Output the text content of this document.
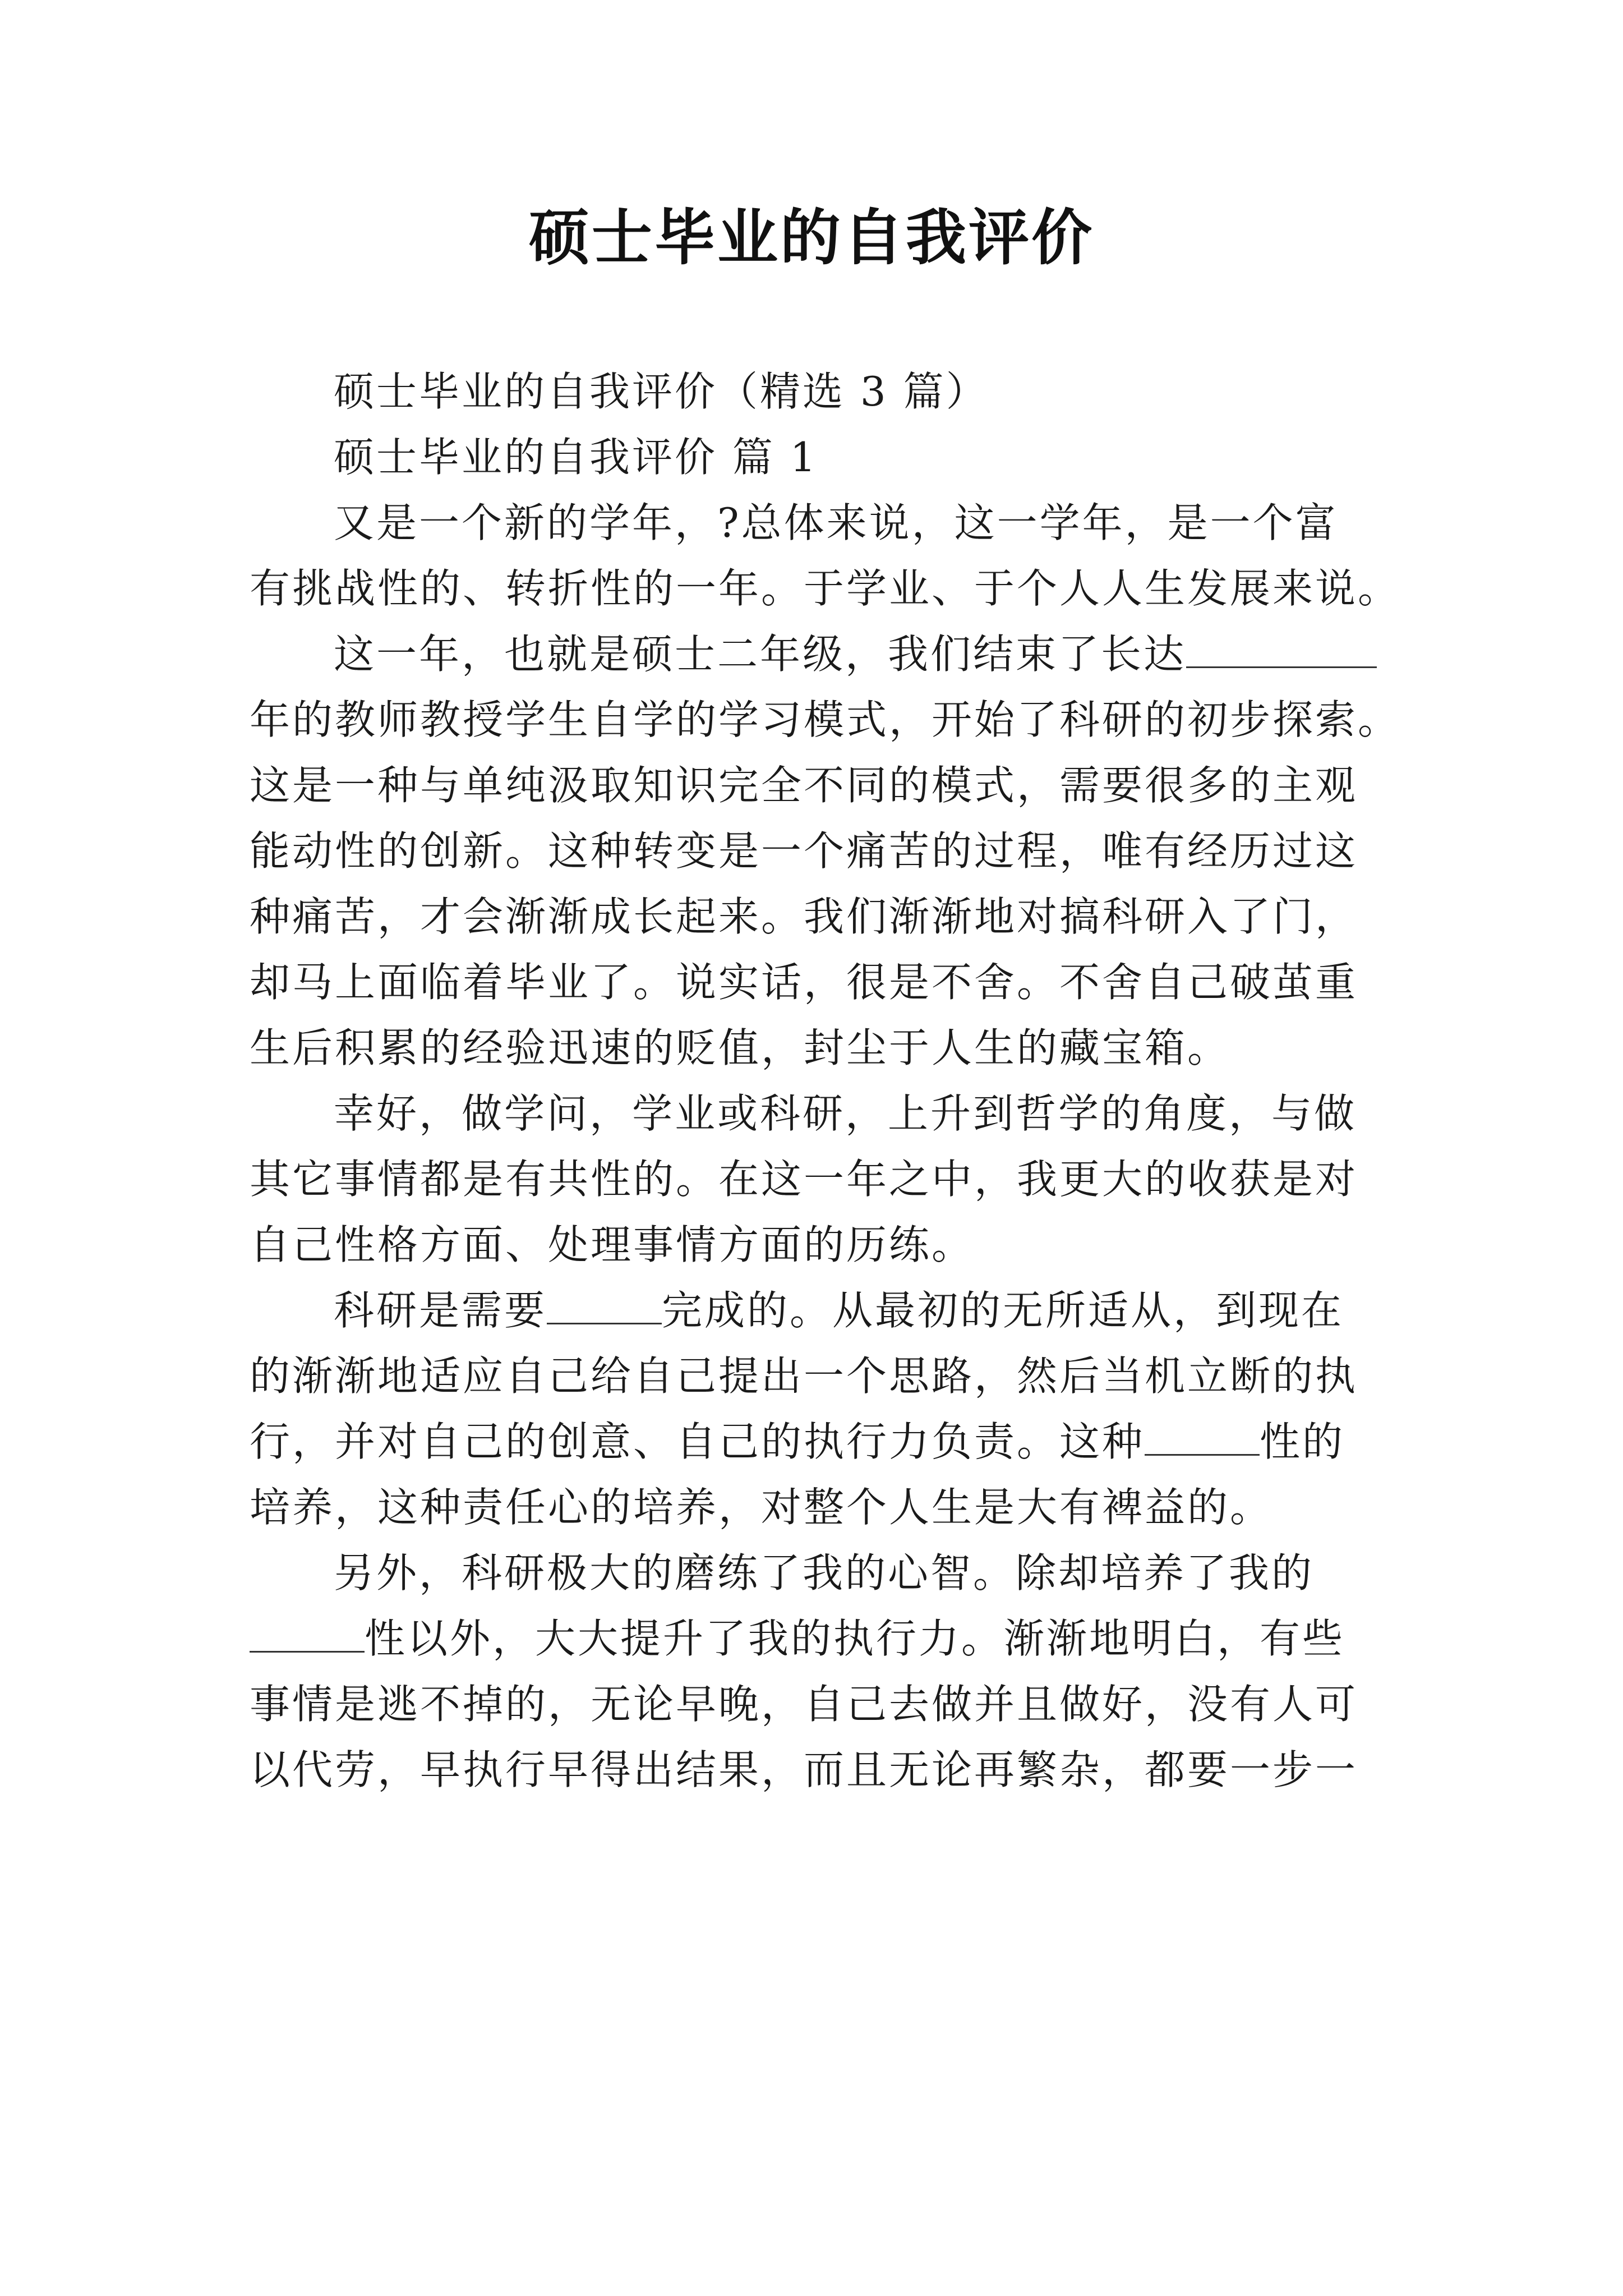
硕士毕业的自我评价
硕士毕业的自我评价（精选 3 篇）
硕士毕业的自我评价 篇 1
又是一个新的学年，?总体来说，这一学年，是一个富
有挑战性的、转折性的一年。于学业、于个人人生发展来说。
这一年，也就是硕士二年级，我们结束了长达
年的教师教授学生自学的学习模式，开始了科研的初步探索。
这是一种与单纯汲取知识完全不同的模式，需要很多的主观
能动性的创新。这种转变是一个痛苦的过程，唯有经历过这
种痛苦，才会渐渐成长起来。我们渐渐地对搞科研入了门，
却马上面临着毕业了。说实话，很是不舍。不舍自己破茧重
生后积累的经验迅速的贬值，封尘于人生的藏宝箱。
幸好，做学问，学业或科研，上升到哲学的角度，与做
其它事情都是有共性的。在这一年之中，我更大的收获是对
自己性格方面、处理事情方面的历练。
科研是需要	完成的。从最初的无所适从，到现在
的渐渐地适应自己给自己提出一个思路，然后当机立断的执
行，并对自己的创意、自己的执行力负责。这种	性的
培养，这种责任心的培养，对整个人生是大有裨益的。
另外，科研极大的磨练了我的心智。除却培养了我的
性以外，大大提升了我的执行力。渐渐地明白，有些
事情是逃不掉的，无论早晚，自己去做并且做好，没有人可
以代劳，早执行早得出结果，而且无论再繁杂，都要一步一
